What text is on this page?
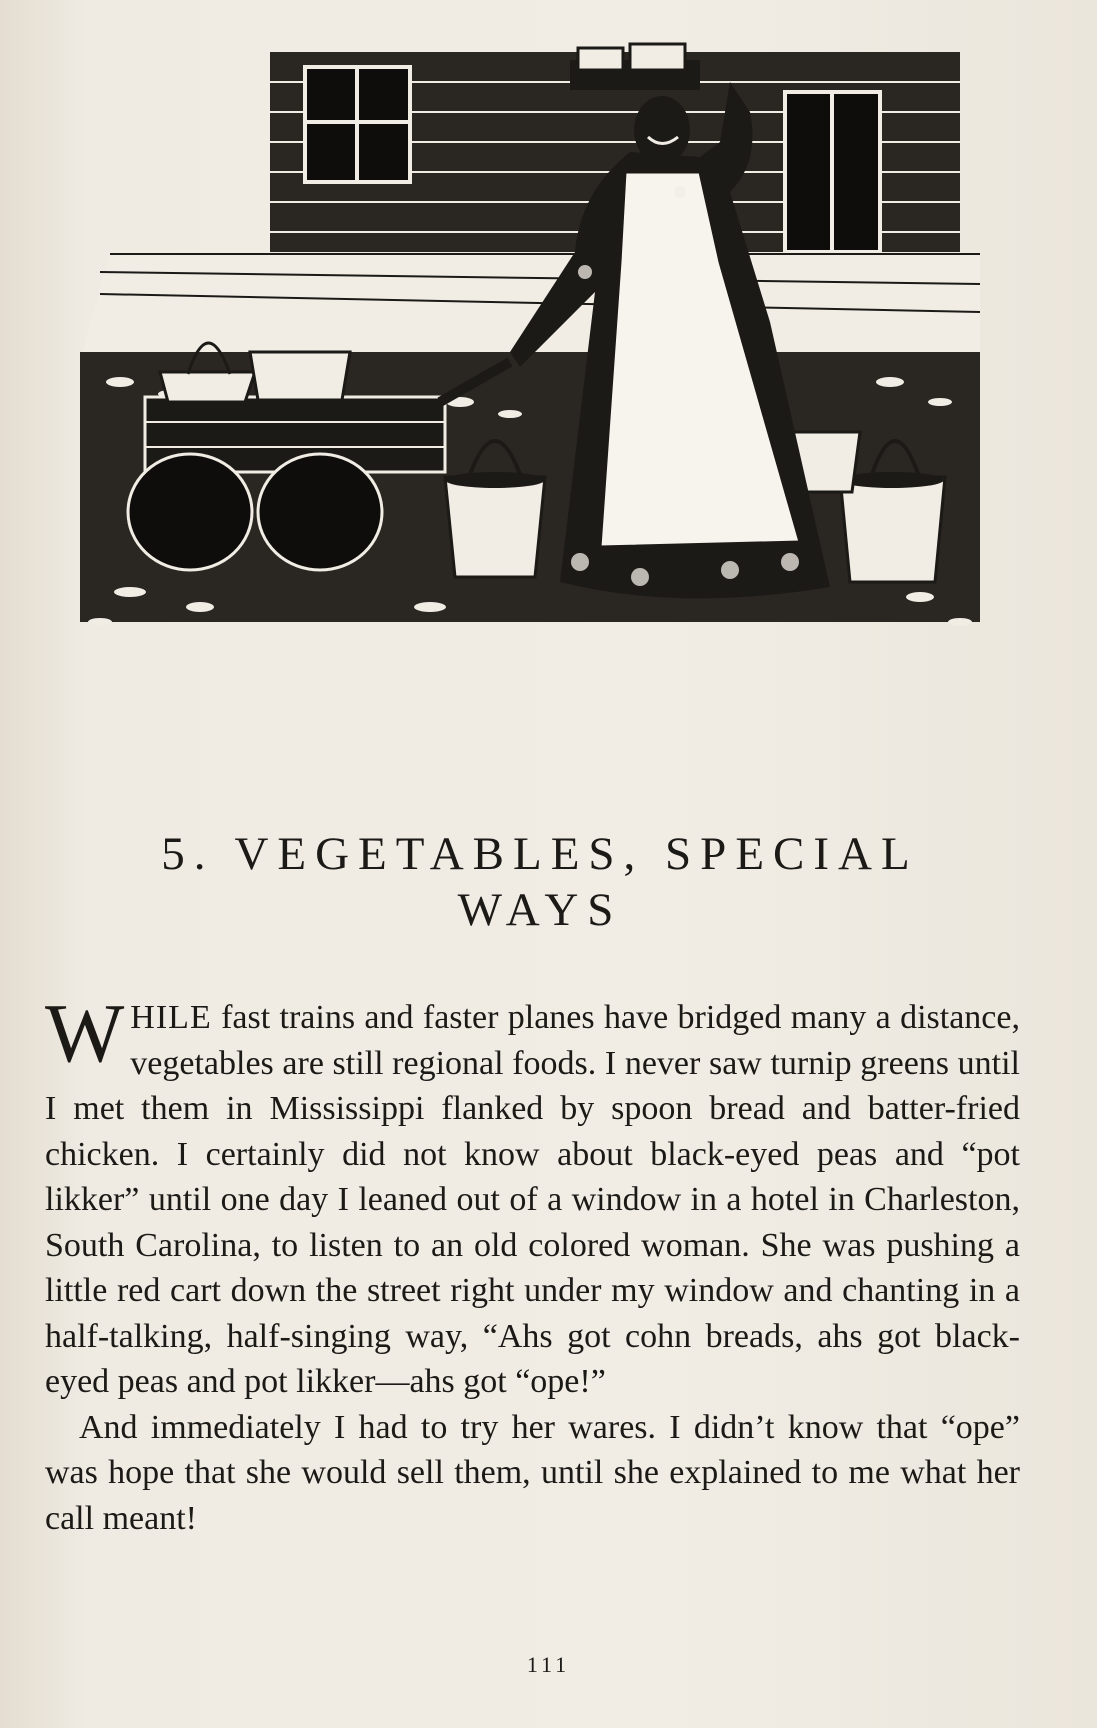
5. VEGETABLES, SPECIAL
WAYS

WHILE fast trains and faster planes have bridged many a distance, vegetables are still regional foods. I never saw turnip greens until I met them in Mississippi flanked by spoon bread and batter-fried chicken. I certainly did not know about black-eyed peas and “pot likker” until one day I leaned out of a window in a hotel in Charleston, South Carolina, to listen to an old colored woman. She was pushing a little red cart down the street right under my window and chanting in a half-talking, half-singing way, “Ahs got cohn breads, ahs got black-eyed peas and pot likker—ahs got “ope!”

And immediately I had to try her wares. I didn’t know that “ope” was hope that she would sell them, until she explained to me what her call meant!

111
